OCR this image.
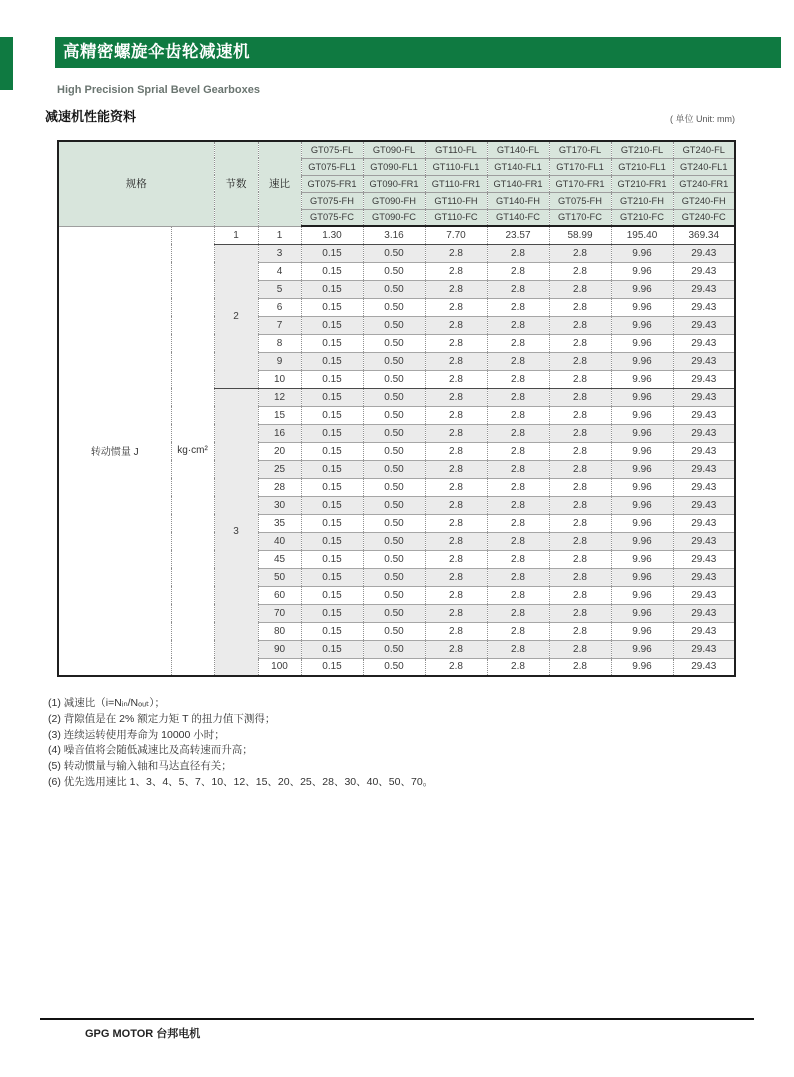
高精密螺旋伞齿轮减速机
High Precision Sprial Bevel Gearboxes
减速机性能资料	( 单位 Unit: mm)
规格		节数	速比	GT075-FL	GT090-FL	GT110-FL	GT140-FL	GT170-FL	GT210-FL	GT240-FL
				GT075-FL1	GT090-FL1	GT110-FL1	GT140-FL1	GT170-FL1	GT210-FL1	GT240-FL1
				GT075-FR1	GT090-FR1	GT110-FR1	GT140-FR1	GT170-FR1	GT210-FR1	GT240-FR1
				GT075-FH	GT090-FH	GT110-FH	GT140-FH	GT075-FH	GT210-FH	GT240-FH
				GT075-FC	GT090-FC	GT110-FC	GT140-FC	GT170-FC	GT210-FC	GT240-FC
转动惯量 J	kg·cm²	1	1	1.30	3.16	7.70	23.57	58.99	195.40	369.34
		2	3	0.15	0.50	2.8	2.8	2.8	9.96	29.43
			4	0.15	0.50	2.8	2.8	2.8	9.96	29.43
			5	0.15	0.50	2.8	2.8	2.8	9.96	29.43
			6	0.15	0.50	2.8	2.8	2.8	9.96	29.43
			7	0.15	0.50	2.8	2.8	2.8	9.96	29.43
			8	0.15	0.50	2.8	2.8	2.8	9.96	29.43
			9	0.15	0.50	2.8	2.8	2.8	9.96	29.43
			10	0.15	0.50	2.8	2.8	2.8	9.96	29.43
		3	12	0.15	0.50	2.8	2.8	2.8	9.96	29.43
			15	0.15	0.50	2.8	2.8	2.8	9.96	29.43
			16	0.15	0.50	2.8	2.8	2.8	9.96	29.43
			20	0.15	0.50	2.8	2.8	2.8	9.96	29.43
			25	0.15	0.50	2.8	2.8	2.8	9.96	29.43
			28	0.15	0.50	2.8	2.8	2.8	9.96	29.43
			30	0.15	0.50	2.8	2.8	2.8	9.96	29.43
			35	0.15	0.50	2.8	2.8	2.8	9.96	29.43
			40	0.15	0.50	2.8	2.8	2.8	9.96	29.43
			45	0.15	0.50	2.8	2.8	2.8	9.96	29.43
			50	0.15	0.50	2.8	2.8	2.8	9.96	29.43
			60	0.15	0.50	2.8	2.8	2.8	9.96	29.43
			70	0.15	0.50	2.8	2.8	2.8	9.96	29.43
			80	0.15	0.50	2.8	2.8	2.8	9.96	29.43
			90	0.15	0.50	2.8	2.8	2.8	9.96	29.43
			100	0.15	0.50	2.8	2.8	2.8	9.96	29.43
(1) 减速比（i=Nᵢₙ/Nₒᵤₜ）；
(2) 背隙值是在 2% 额定力矩 T 的扭力值下测得；
(3) 连续运转使用寿命为 10000 小时；
(4) 噪音值将会随低减速比及高转速而升高；
(5) 转动惯量与输入轴和马达直径有关；
(6) 优先选用速比 1、3、4、5、7、10、12、15、20、25、28、30、40、50、70。
GPG MOTOR 台邦电机
